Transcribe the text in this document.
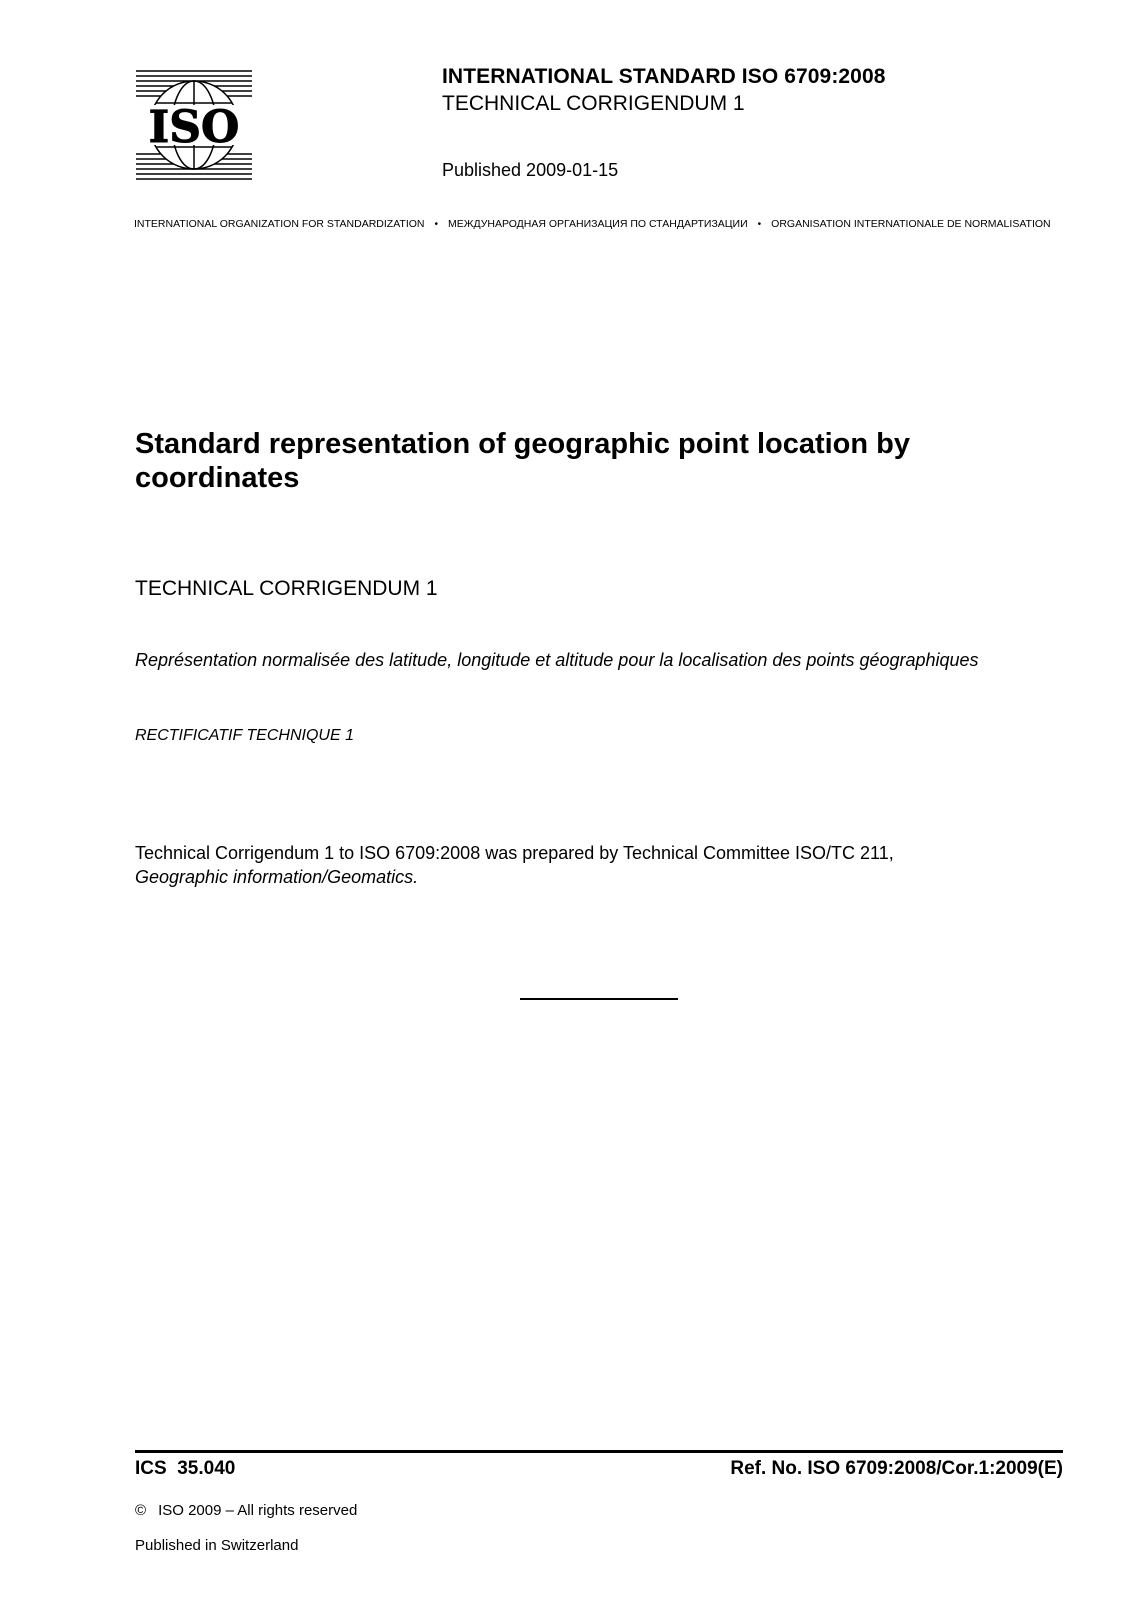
ISO
INTERNATIONAL STANDARD ISO 6709:2008
TECHNICAL CORRIGENDUM 1
Published 2009-01-15
INTERNATIONAL ORGANIZATION FOR STANDARDIZATION • МЕЖДУНАРОДНАЯ ОРГАНИЗАЦИЯ ПО СТАНДАРТИЗАЦИИ • ORGANISATION INTERNATIONALE DE NORMALISATION
Standard representation of geographic point location by coordinates
TECHNICAL CORRIGENDUM 1
Représentation normalisée des latitude, longitude et altitude pour la localisation des points géographiques
RECTIFICATIF TECHNIQUE 1
Technical Corrigendum 1 to ISO 6709:2008 was prepared by Technical Committee ISO/TC 211,
Geographic information/Geomatics.
ICS  35.040	Ref. No. ISO 6709:2008/Cor.1:2009(E)
© ISO 2009 – All rights reserved
Published in Switzerland
